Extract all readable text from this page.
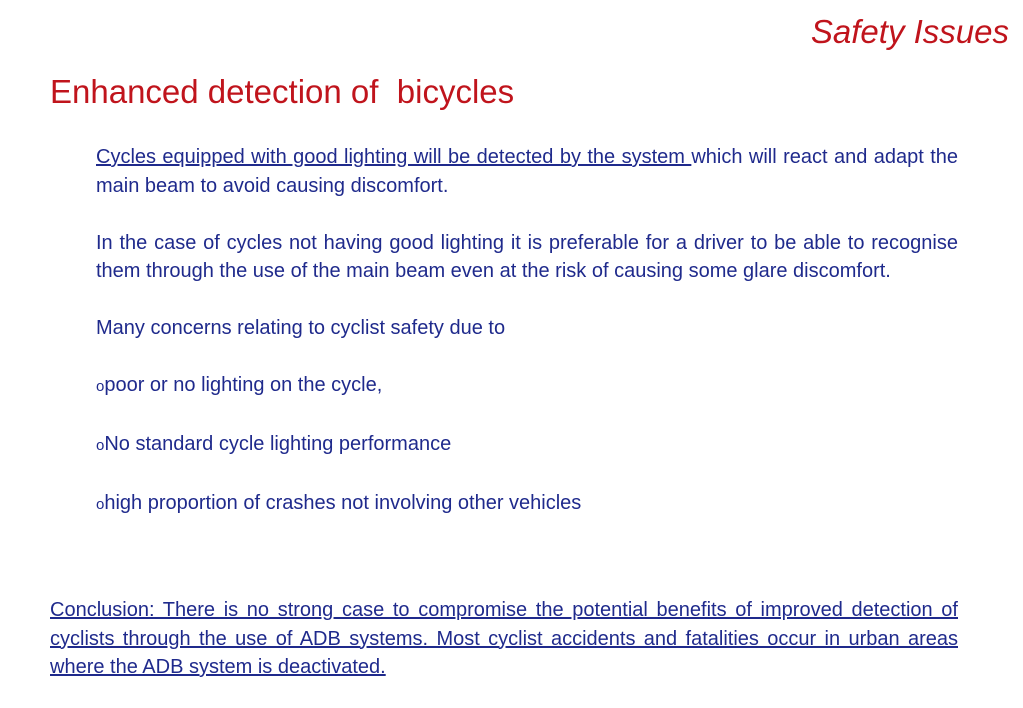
Safety Issues
Enhanced detection of  bicycles

Cycles equipped with good lighting will be detected by the system which will react and adapt the main beam to avoid causing discomfort.

In the case of cycles not having good lighting it is preferable for a driver to be able to recognise them through the use of the main beam even at the risk of causing some glare discomfort.

Many concerns relating to cyclist safety due to

opoor or no lighting on the cycle,

oNo standard cycle lighting performance

ohigh proportion of crashes not involving other vehicles

Conclusion: There is no strong case to compromise the potential benefits of improved detection of cyclists through the use of ADB systems. Most cyclist accidents and fatalities occur in urban areas where the ADB system is deactivated.
